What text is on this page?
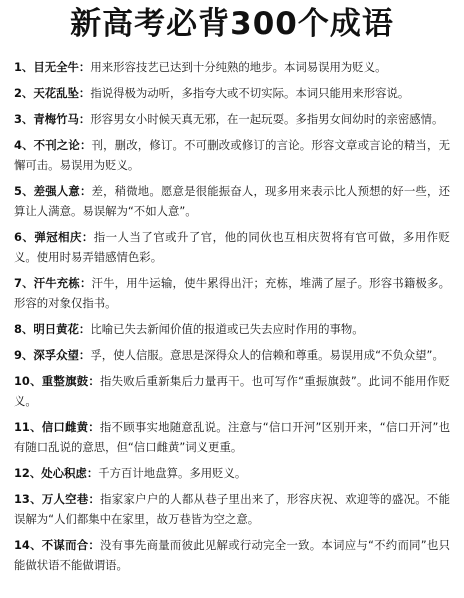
新高考必背300个成语
1、目无全牛：用来形容技艺已达到十分纯熟的地步。本词易误用为贬义。
2、天花乱坠：指说得极为动听，多指夸大或不切实际。本词只能用来形容说。
3、青梅竹马：形容男女小时候天真无邪，在一起玩耍。多指男女间幼时的亲密感情。
4、不刊之论：刊，删改，修订。不可删改或修订的言论。形容文章或言论的精当，无懈可击。易误用为贬义。
5、差强人意：差，稍微地。愿意是很能振奋人，现多用来表示比人预想的好一些，还算让人满意。易误解为“不如人意”。
6、弹冠相庆：指一人当了官或升了官，他的同伙也互相庆贺将有官可做，多用作贬义。使用时易弄错感情色彩。
7、汗牛充栋：汗牛，用牛运输，使牛累得出汗；充栋，堆满了屋子。形容书籍极多。形容的对象仅指书。
8、明日黄花：比喻已失去新闻价值的报道或已失去应时作用的事物。
9、深孚众望：孚，使人信服。意思是深得众人的信赖和尊重。易误用成“不负众望”。
10、重整旗鼓：指失败后重新集后力量再干。也可写作“重振旗鼓”。此词不能用作贬义。
11、信口雌黄：指不顾事实地随意乱说。注意与“信口开河”区别开来，“信口开河”也有随口乱说的意思，但“信口雌黄”词义更重。
12、处心积虑：千方百计地盘算。多用贬义。
13、万人空巷：指家家户户的人都从巷子里出来了，形容庆祝、欢迎等的盛况。不能误解为“人们都集中在家里，故万巷皆为空之意。
14、不谋而合：没有事先商量而彼此见解或行动完全一致。本词应与“不约而同”也只能做状语不能做谓语。
